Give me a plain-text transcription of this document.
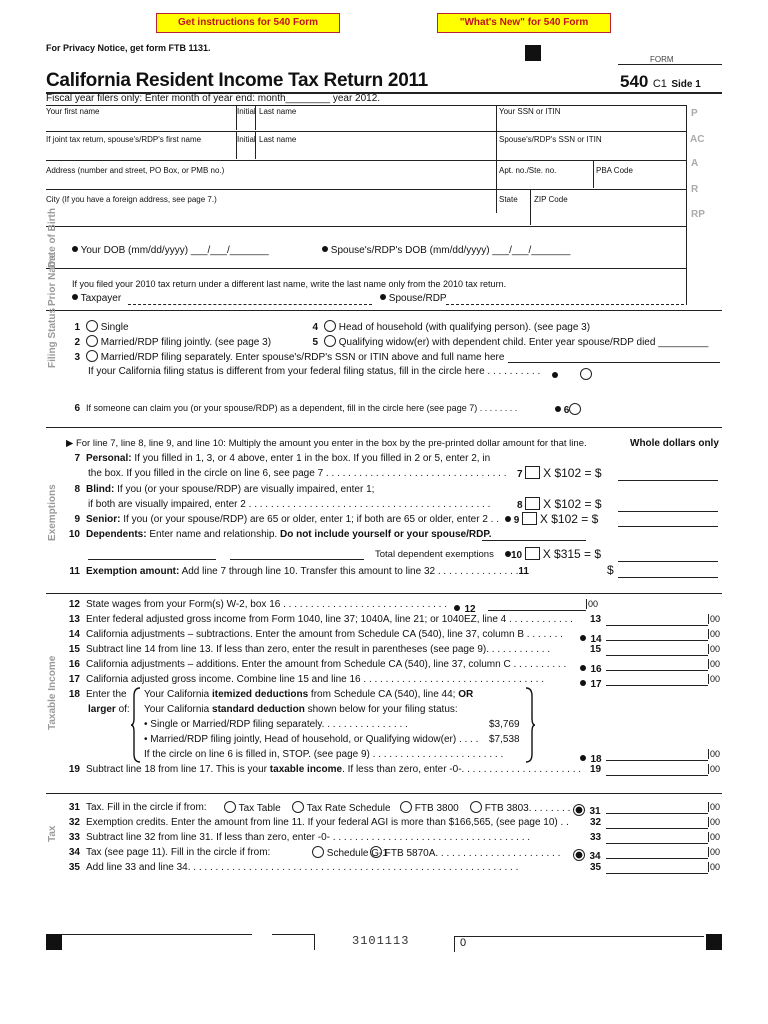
Get instructions for 540 Form	"What's New" for 540 Form
For Privacy Notice, get form FTB 1131.
FORM
California Resident Income Tax Return 2011	540 C1 Side 1
Fiscal year filers only: Enter month of year end: month________ year 2012.
Your first name	Initial Last name	Your SSN or ITIN
If joint tax return, spouse's/RDP's first name	Initial Last name	Spouse's/RDP's SSN or ITIN
Address (number and street, PO Box, or PMB no.)	Apt. no./Ste. no.	PBA Code
City (If you have a foreign address, see page 7.)	State ZIP Code
P
AC
A
R
RP
Date of Birth	Your DOB (mm/dd/yyyy) ___/___/_______	Spouse's/RDP's DOB (mm/dd/yyyy) ___/___/_______
Prior Name If you filed your 2010 tax return under a different last name, write the last name only from the 2010 tax return.
Taxpayer	Spouse/RDP
Filing Status	1 Single
2 Married/RDP filing jointly. (see page 3)
3 Married/RDP filing separately. Enter spouse's/RDP's SSN or ITIN above and full name here
4 Head of household (with qualifying person). (see page 3)
5 Qualifying widow(er) with dependent child. Enter year spouse/RDP died _________
If your California filing status is different from your federal filing status, fill in the circle here . . . . . . . . . .
6 If someone can claim you (or your spouse/RDP) as a dependent, fill in the circle here (see page 7) . . . . . . . .	6
Exemptions
▶ For line 7, line 8, line 9, and line 10: Multiply the amount you enter in the box by the pre-printed dollar amount for that line.	Whole dollars only
7 Personal: If you filled in 1, 3, or 4 above, enter 1 in the box. If you filled in 2 or 5, enter 2, in
the box. If you filled in the circle on line 6, see page 7 . . . . . . . . . . . . . . . . . . . . . . . . . . . . . . . . . 7 X $102 = $
8 Blind: If you (or your spouse/RDP) are visually impaired, enter 1;
if both are visually impaired, enter 2 . . . . . . . . . . . . . . . . . . . . . . . . . . . . . . . . . . . . . . . . . . . .	8 X $102 = $
9 Senior: If you (or your spouse/RDP) are 65 or older, enter 1; if both are 65 or older, enter 2 . .	9 X $102 = $
10 Dependents: Enter name and relationship. Do not include yourself or your spouse/RDP.
Total dependent exemptions	10 X $315 = $
11 Exemption amount: Add line 7 through line 10. Transfer this amount to line 32 . . . . . . . . . . . . . . .11	$
Taxable Income
12 State wages from your Form(s) W-2, box 16 . . . . . . . . . . . . . . . . . . . . . . . . . . . . . .	12	00
13 Enter federal adjusted gross income from Form 1040, line 37; 1040A, line 21; or 1040EZ, line 4 . . . . . . . . . . . . 13	00
14 California adjustments – subtractions. Enter the amount from Schedule CA (540), line 37, column B . . . . . . .	14	00
15 Subtract line 14 from line 13. If less than zero, enter the result in parentheses (see page 9). . . . . . . . . . . .	15	00
16 California adjustments – additions. Enter the amount from Schedule CA (540), line 37, column C . . . . . . . . . .	16	00
17 California adjusted gross income. Combine line 15 and line 16 . . . . . . . . . . . . . . . . . . . . . . . . . . . . . . . . .	17	00
18 Enter the
larger of:
Your California itemized deductions from Schedule CA (540), line 44; OR
Your California standard deduction shown below for your filing status:
• Single or Married/RDP filing separately. . . . . . . . . . . . . . . .	$3,769
• Married/RDP filing jointly, Head of household, or Qualifying widow(er) . . . . $7,538
If the circle on line 6 is filled in, STOP. (see page 9) . . . . . . . . . . . . . . . . . . . . . . . .	18	00
19 Subtract line 18 from line 17. This is your taxable income. If less than zero, enter -0-. . . . . . . . . . . . . . . . . . . . . . 19	00
Tax
31 Tax. Fill in the circle if from:	Tax Table	Tax Rate Schedule	FTB 3800	FTB 3803. . . . . . . .	31	00
32 Exemption credits. Enter the amount from line 11. If your federal AGI is more than $166,565, (see page 10) . . 32	00
33 Subtract line 32 from line 31. If less than zero, enter -0- . . . . . . . . . . . . . . . . . . . . . . . . . . . . . . . . . . . .	33	00
34 Tax (see page 11). Fill in the circle if from:	Schedule G-1
FTB 5870A. . . . . . . . . . . . . . . . . . . . . . .	34	00
35 Add line 33 and line 34. . . . . . . . . . . . . . . . . . . . . . . . . . . . . . . . . . . . . . . . . . . . . . . . . . . . . . . . . . . .	35	00
3101113	0
